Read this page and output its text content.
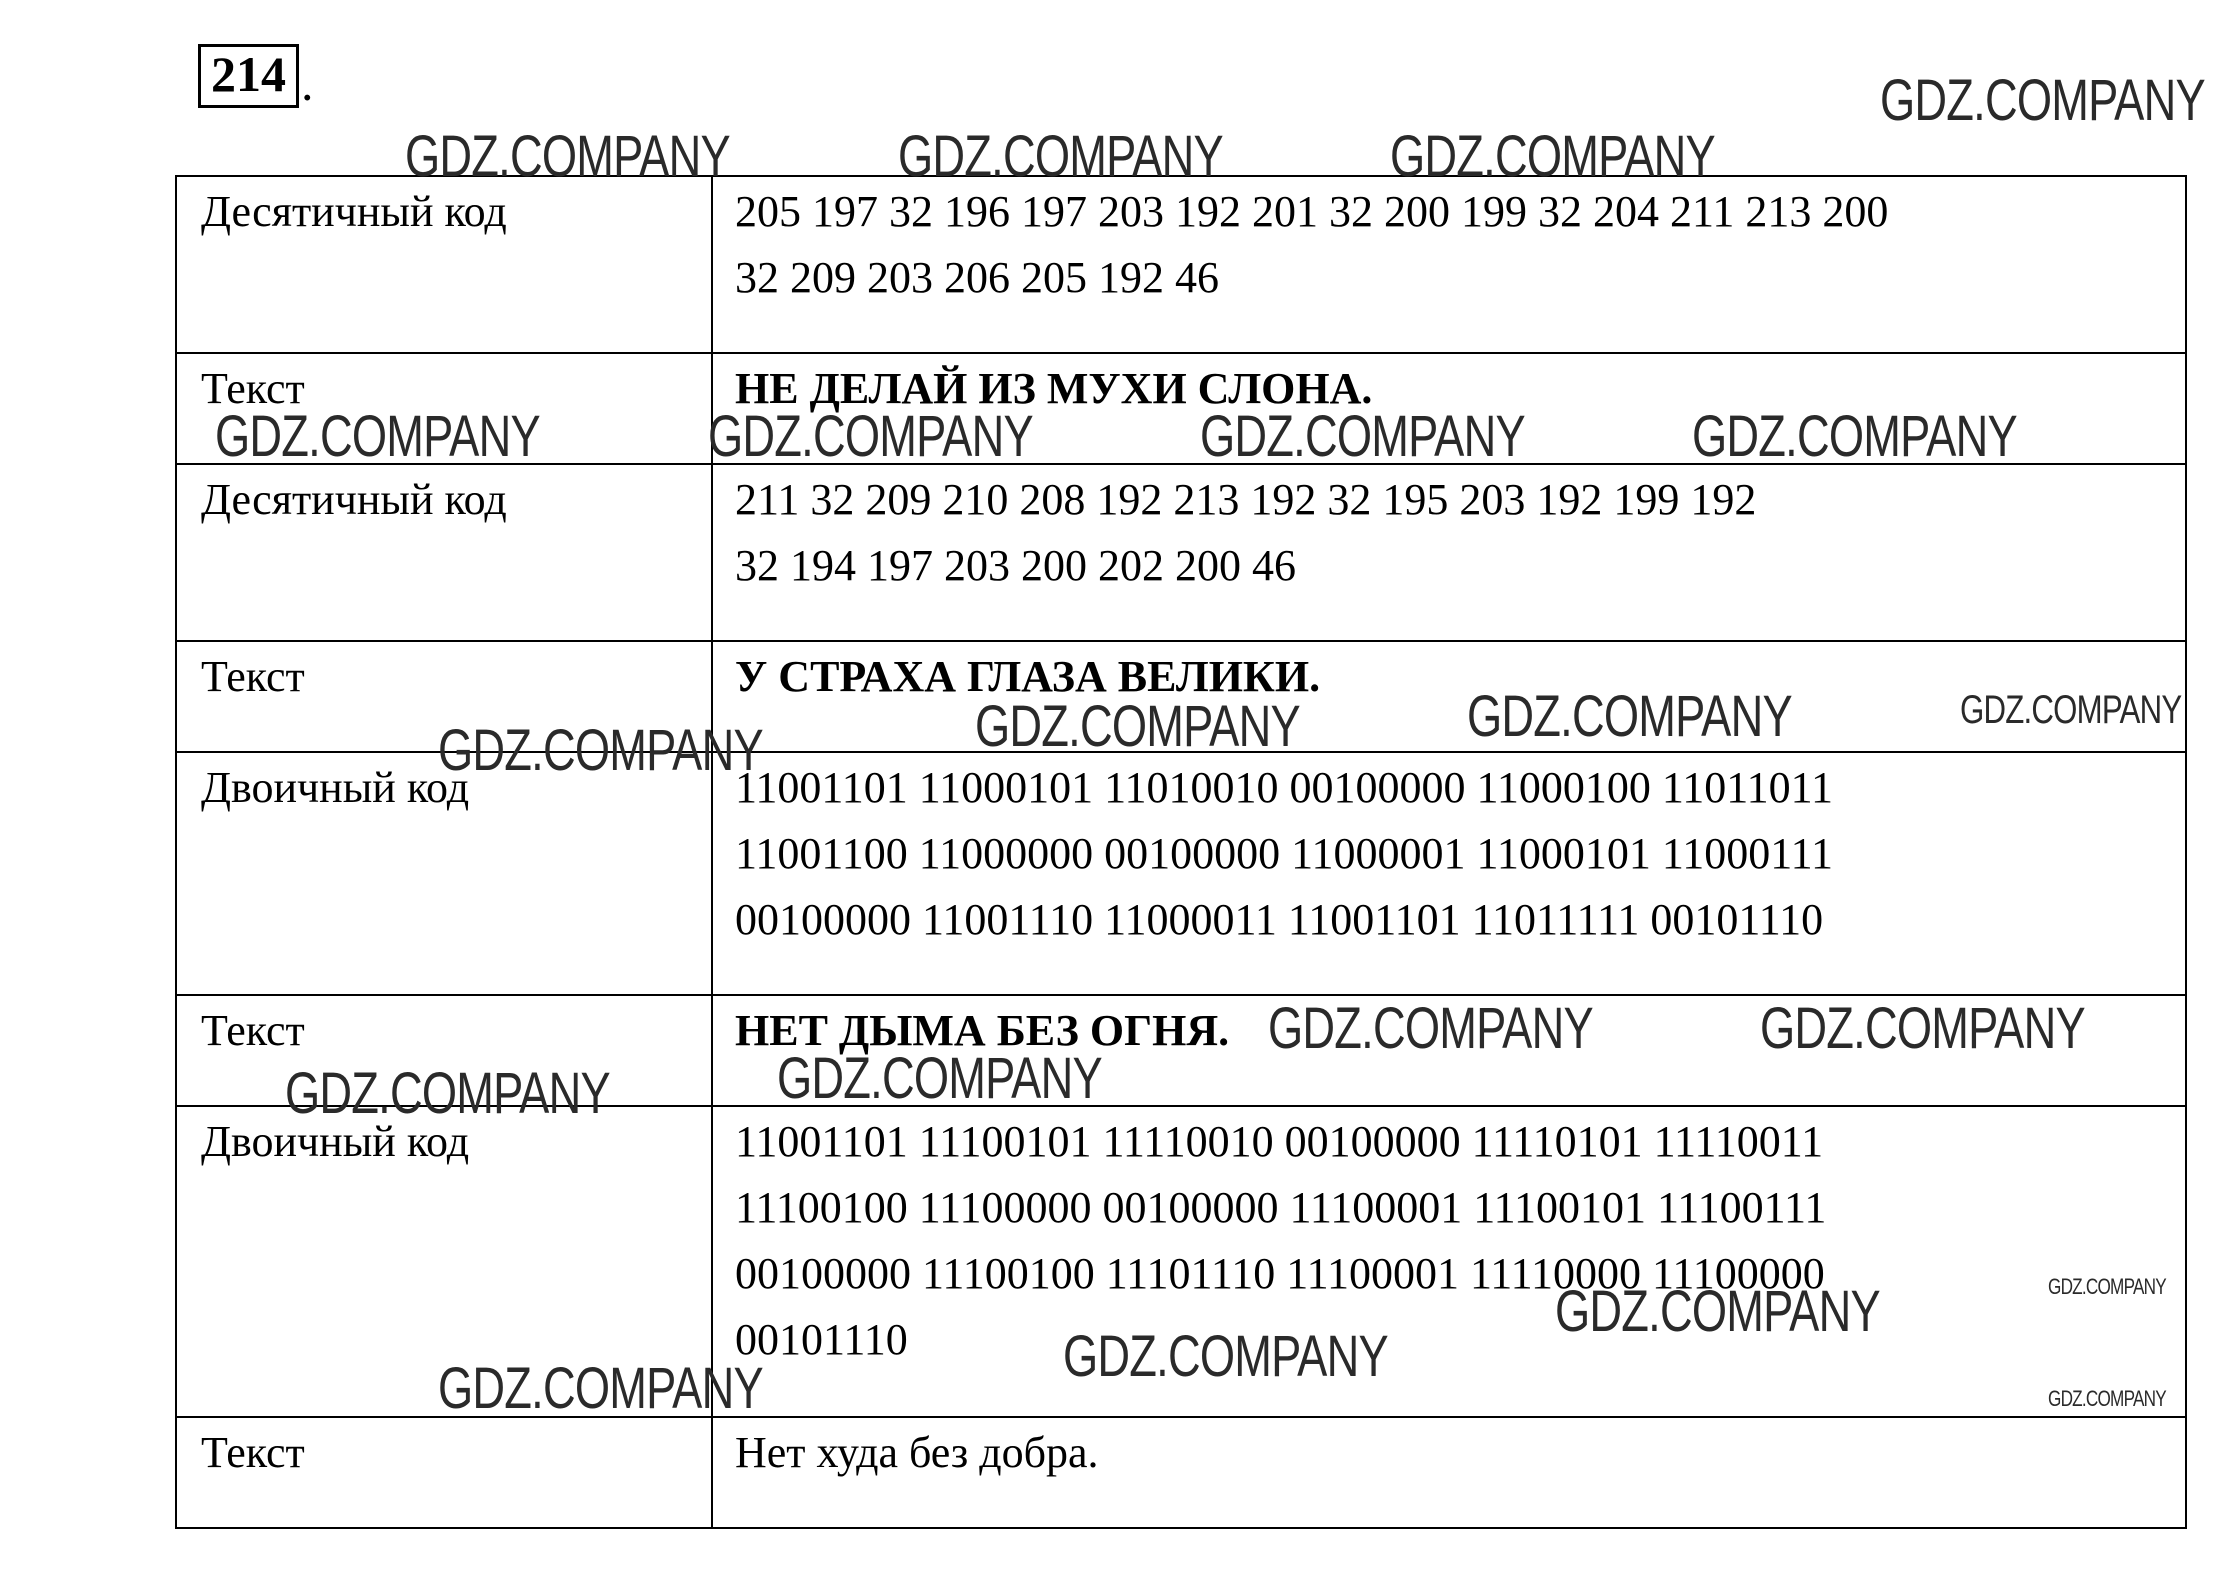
214 .
Десятичный код	205 197 32 196 197 203 192 201 32 200 199 32 204 211 213 200
32 209 203 206 205 192 46

Текст	НЕ ДЕЛАЙ ИЗ МУХИ СЛОНА.

Десятичный код	211 32 209 210 208 192 213 192 32 195 203 192 199 192
32 194 197 203 200 202 200 46

Текст	У СТРАХА ГЛАЗА ВЕЛИКИ.

Двоичный код	11001101 11000101 11010010 00100000 11000100 11011011
11001100 11000000 00100000 11000001 11000101 11000111
00100000 11001110 11000011 11001101 11011111 00101110

Текст	НЕТ ДЫМА БЕЗ ОГНЯ.

Двоичный код	11001101 11100101 11110010 00100000 11110101 11110011
11100100 11100000 00100000 11100001 11100101 11100111
00100000 11100100 11101110 11100001 11110000 11100000
00101110

Текст	Нет худа без добра.
GDZ.COMPANY
GDZ.COMPANY	GDZ.COMPANY	GDZ.COMPANY
GDZ.COMPANY	GDZ.COMPANY	GDZ.COMPANY	GDZ.COMPANY
GDZ.COMPANY	GDZ.COMPANY	GDZ.COMPANY
GDZ.COMPANY
GDZ.COMPANY	GDZ.COMPANY
GDZ.COMPANY	GDZ.COMPANY
GDZ.COMPANY
GDZ.COMPANY
GDZ.COMPANY
GDZ.COMPANY	GDZ.COMPANY
